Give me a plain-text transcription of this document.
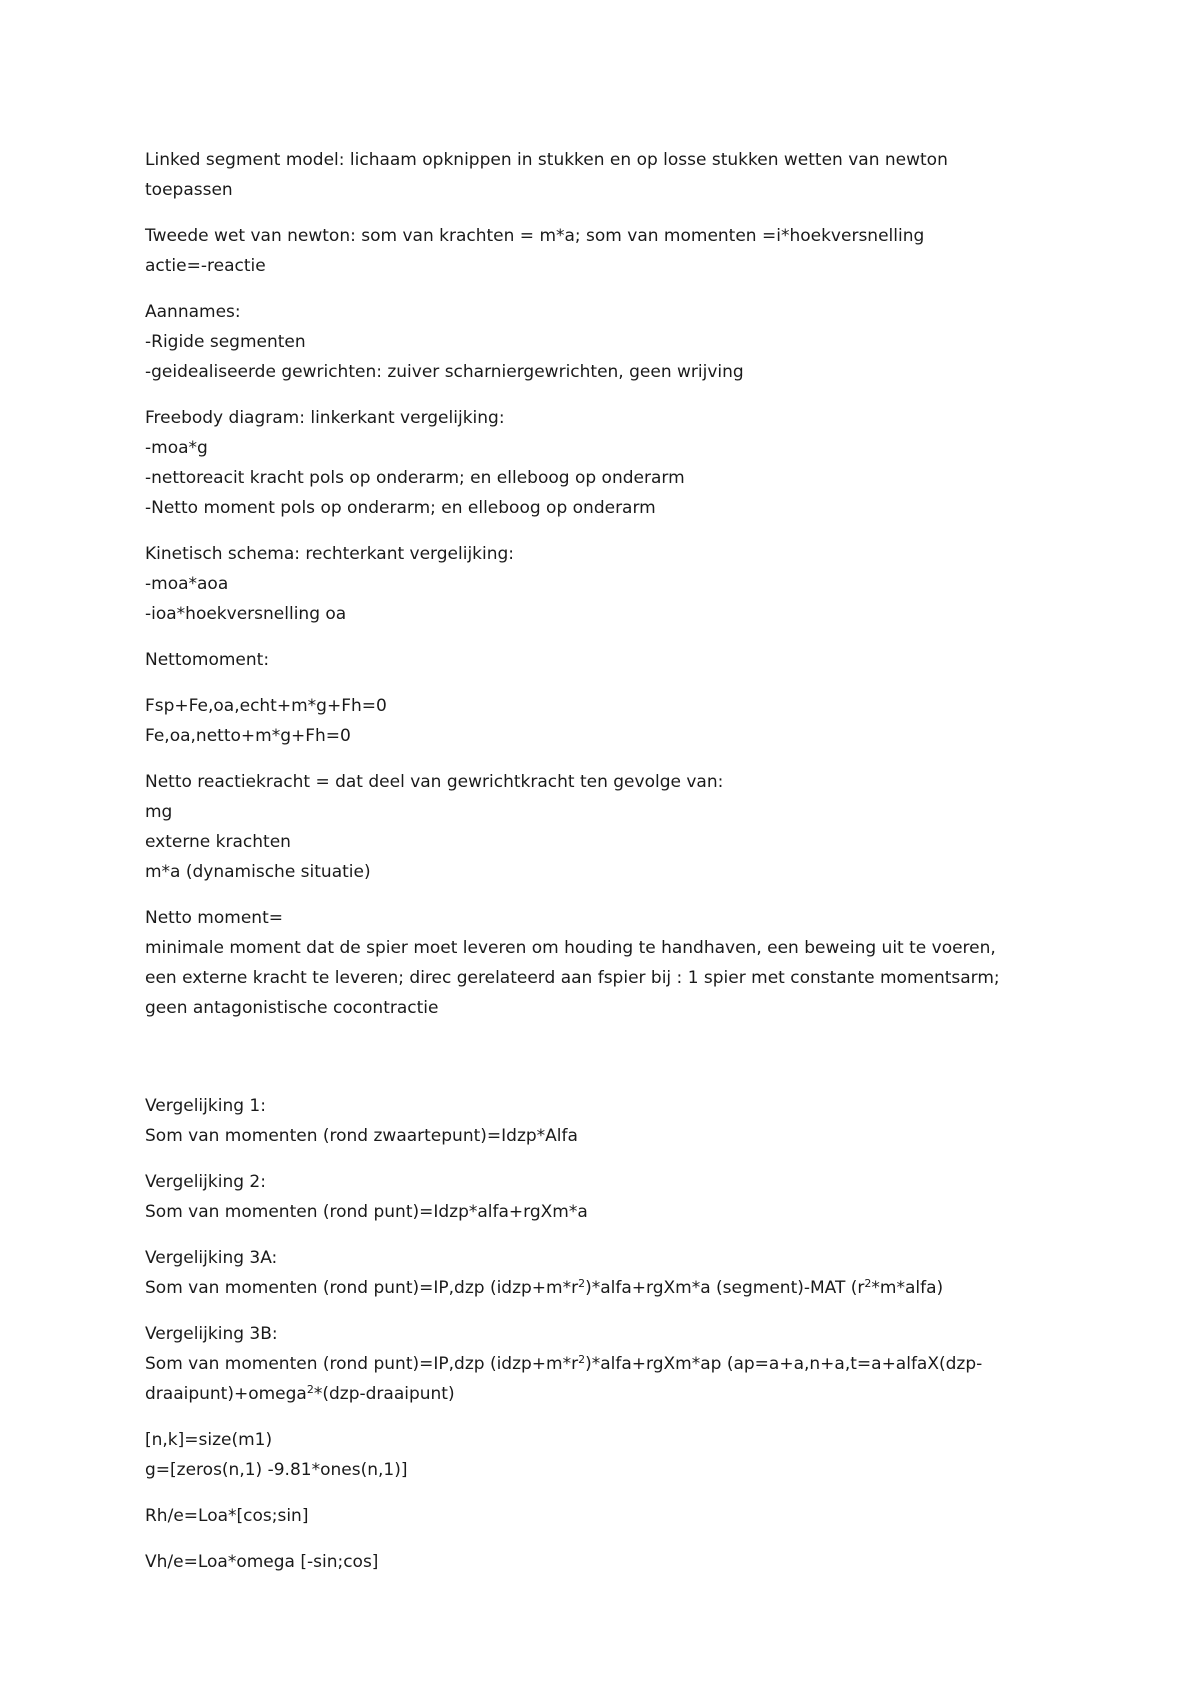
Linked segment model: lichaam opknippen in stukken en op losse stukken wetten van newton
toepassen
Tweede wet van newton: som van krachten = m*a; som van momenten =i*hoekversnelling
actie=-reactie
Aannames:
-Rigide segmenten
-geidealiseerde gewrichten: zuiver scharniergewrichten, geen wrijving
Freebody diagram: linkerkant vergelijking:
-moa*g
-nettoreacit kracht pols op onderarm; en elleboog op onderarm
-Netto moment pols op onderarm; en elleboog op onderarm
Kinetisch schema: rechterkant vergelijking:
-moa*aoa
-ioa*hoekversnelling oa
Nettomoment:
Fsp+Fe,oa,echt+m*g+Fh=0
Fe,oa,netto+m*g+Fh=0
Netto reactiekracht = dat deel van gewrichtkracht ten gevolge van:
mg
externe krachten
m*a (dynamische situatie)
Netto moment=
minimale moment dat de spier moet leveren om houding te handhaven, een beweing uit te voeren,
een externe kracht te leveren; direc gerelateerd aan fspier bij : 1 spier met constante momentsarm;
geen antagonistische cocontractie
Vergelijking 1:
Som van momenten (rond zwaartepunt)=Idzp*Alfa
Vergelijking 2:
Som van momenten (rond punt)=Idzp*alfa+rgXm*a
Vergelijking 3A:
Som van momenten (rond punt)=IP,dzp $(idzp+m*r^2)*alfa+rgXm*a$ (segment)-MAT $(r^2*m*alfa)$
Vergelijking 3B:
Som van momenten (rond punt)=IP,dzp $(idzp+m*r^2)*alfa+rgXm*ap$ (ap=a+a,n+a,t=a+alfaX(dzp-
draaipunt)+omega$^2$*(dzp-draaipunt)
[n,k]=size(m1)
g=[zeros(n,1) -9.81*ones(n,1)]
Rh/e=Loa*[cos;sin]
Vh/e=Loa*omega [-sin;cos]
